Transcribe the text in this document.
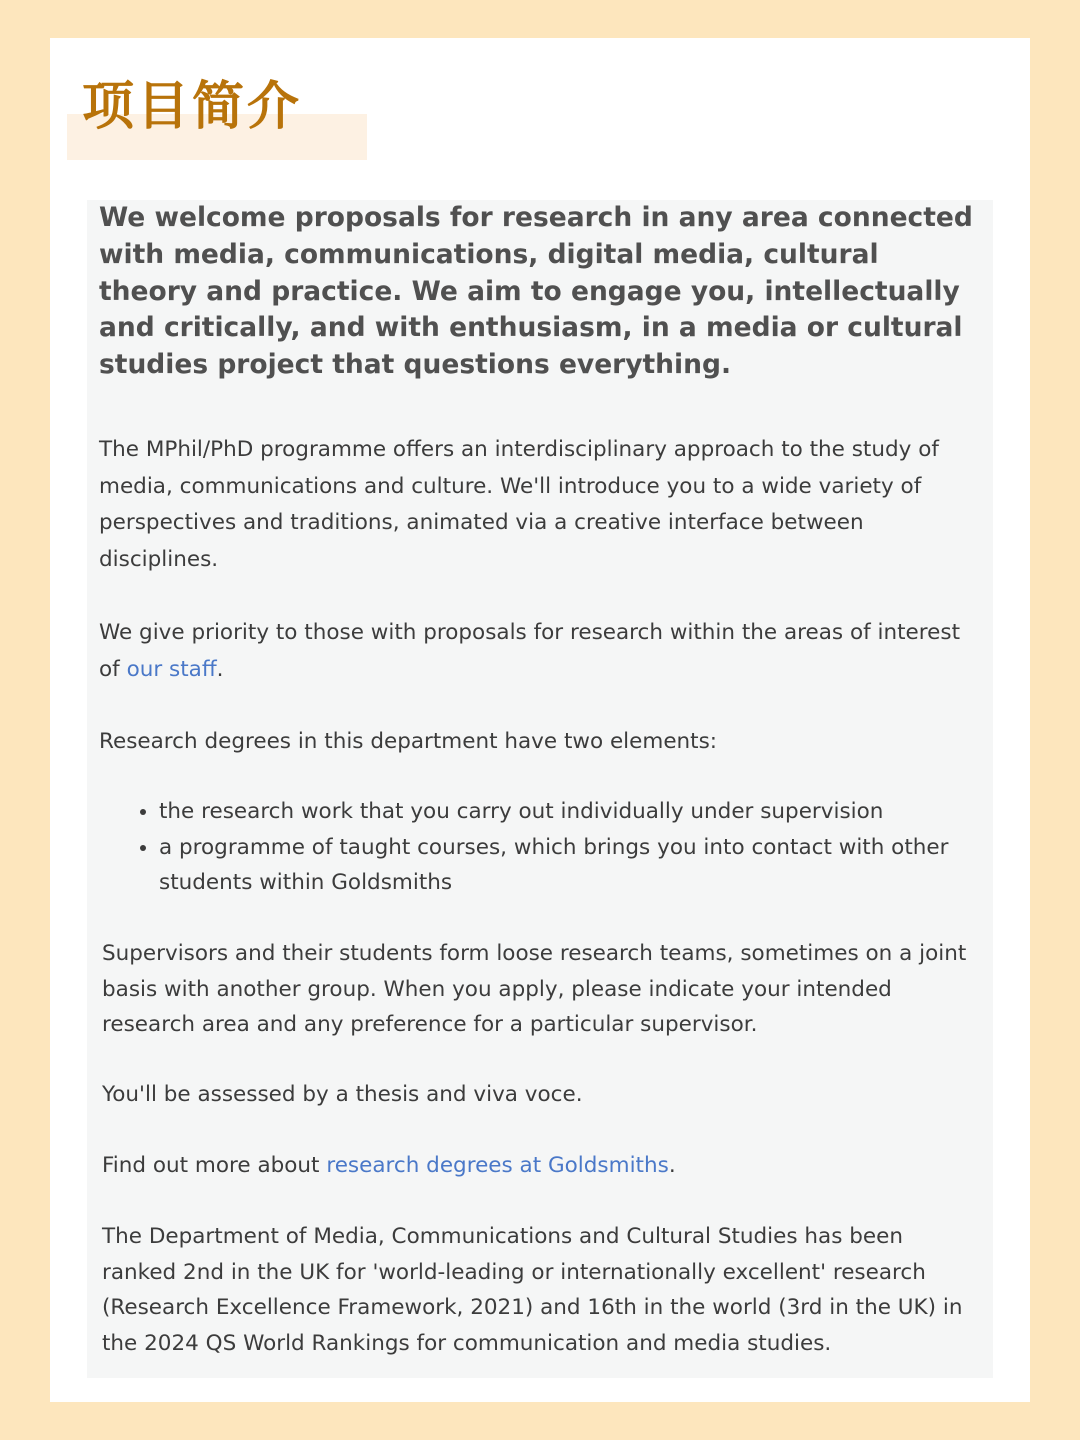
项目简介

We welcome proposals for research in any area connected with media, communications, digital media, cultural theory and practice. We aim to engage you, intellectually and critically, and with enthusiasm, in a media or cultural studies project that questions everything.

The MPhil/PhD programme offers an interdisciplinary approach to the study of media, communications and culture. We'll introduce you to a wide variety of perspectives and traditions, animated via a creative interface between disciplines.

We give priority to those with proposals for research within the areas of interest of our staff.

Research degrees in this department have two elements:

• the research work that you carry out individually under supervision
• a programme of taught courses, which brings you into contact with other students within Goldsmiths

Supervisors and their students form loose research teams, sometimes on a joint basis with another group. When you apply, please indicate your intended research area and any preference for a particular supervisor.

You'll be assessed by a thesis and viva voce.

Find out more about research degrees at Goldsmiths.

The Department of Media, Communications and Cultural Studies has been ranked 2nd in the UK for 'world-leading or internationally excellent' research (Research Excellence Framework, 2021) and 16th in the world (3rd in the UK) in the 2024 QS World Rankings for communication and media studies.
